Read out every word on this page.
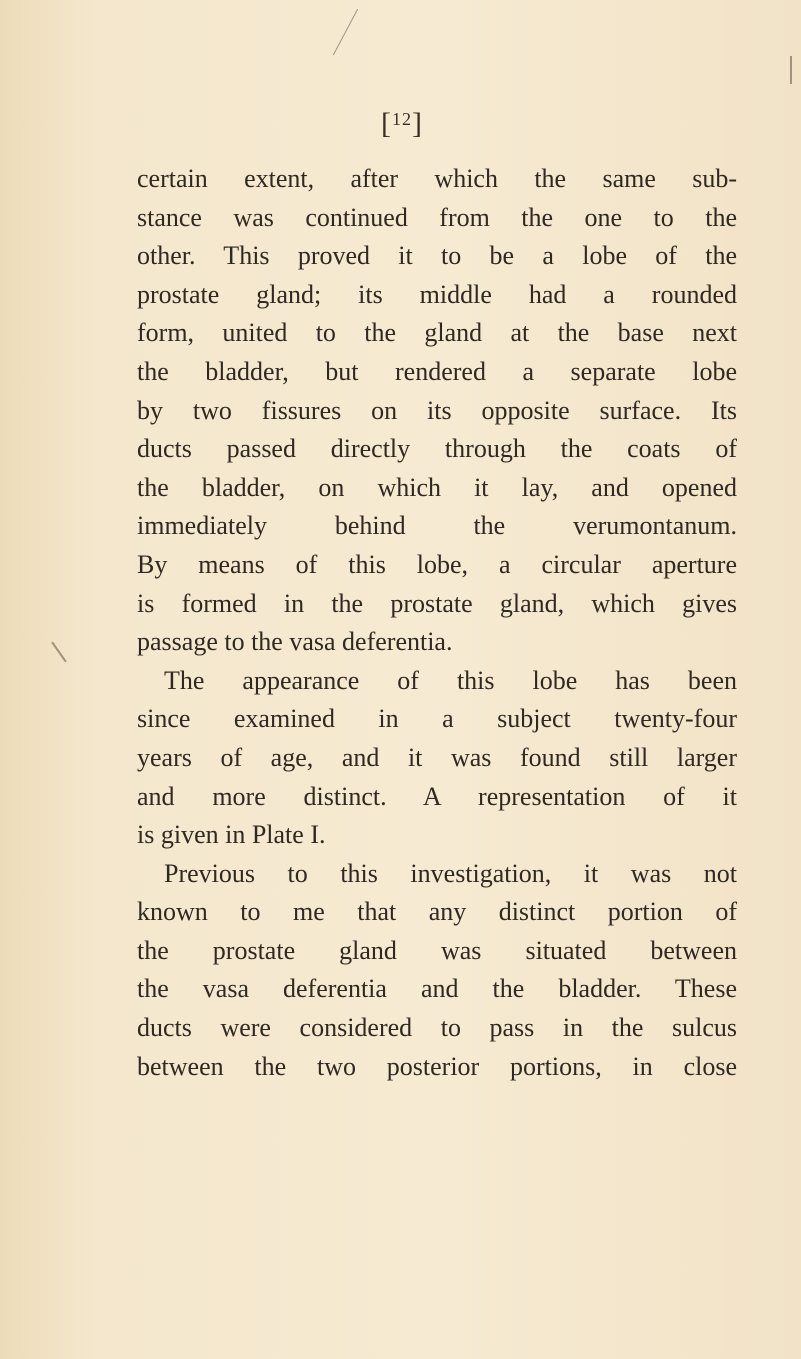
[$^{12}$]
certain extent, after which the same sub-
stance was continued from the one to the
other. This proved it to be a lobe of the
prostate gland; its middle had a rounded
form, united to the gland at the base next
the bladder, but rendered a separate lobe
by two fissures on its opposite surface. Its
ducts passed directly through the coats of
the bladder, on which it lay, and opened
immediately behind the verumontanum.
By means of this lobe, a circular aperture
is formed in the prostate gland, which gives
passage to the vasa deferentia.
The appearance of this lobe has been
since examined in a subject twenty-four
years of age, and it was found still larger
and more distinct. A representation of it
is given in Plate I.
Previous to this investigation, it was not
known to me that any distinct portion of
the prostate gland was situated between
the vasa deferentia and the bladder. These
ducts were considered to pass in the sulcus
between the two posterior portions, in close
